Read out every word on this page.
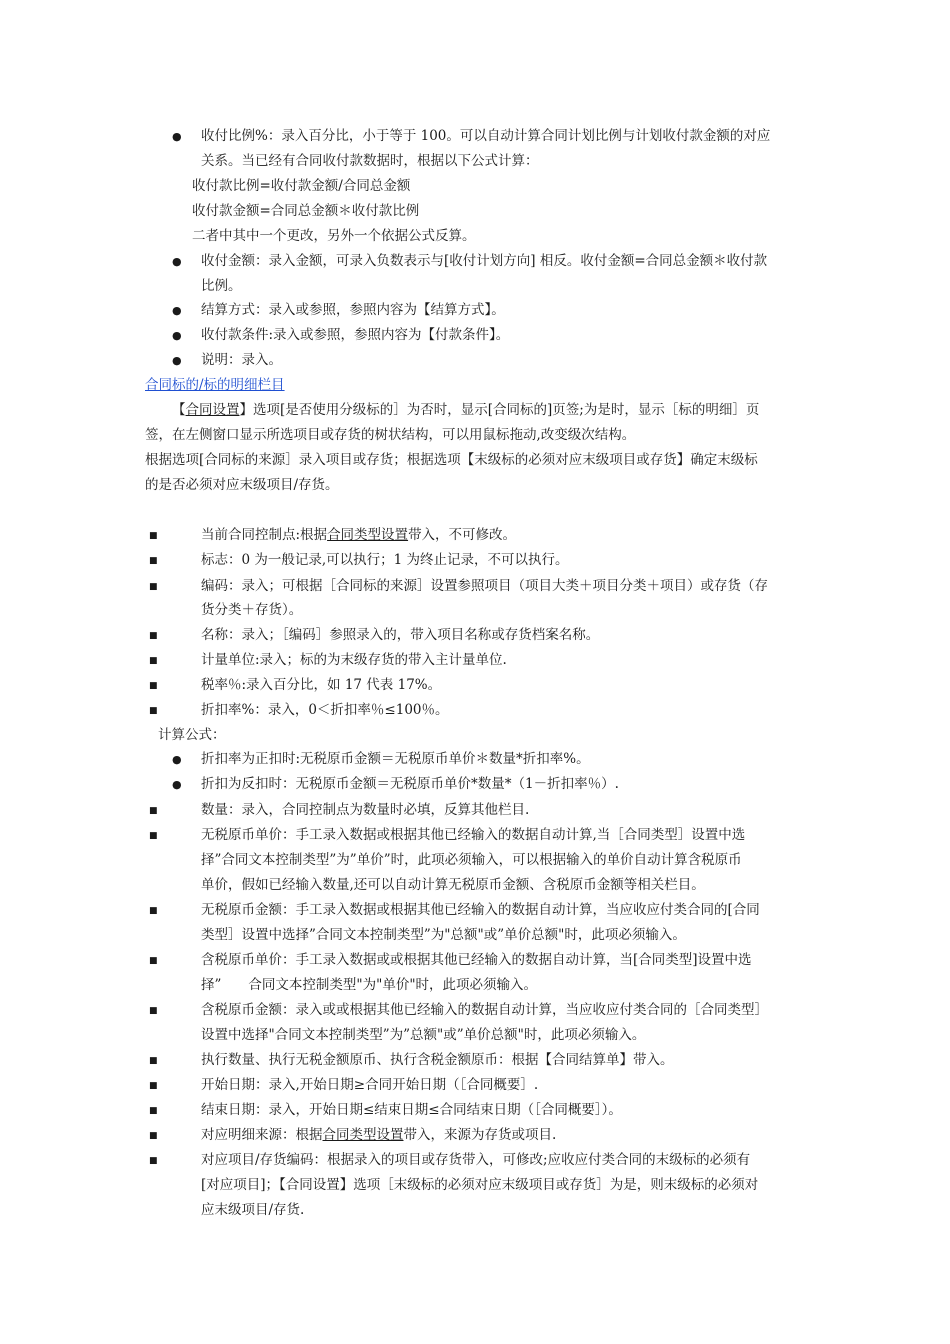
● 收付比例%：录入百分比，小于等于 100。可以自动计算合同计划比例与计划收付款金额的对应
关系。当已经有合同收付款数据时，根据以下公式计算：
收付款比例=收付款金额/合同总金额
收付款金额=合同总金额＊收付款比例
二者中其中一个更改，另外一个依据公式反算。
● 收付金额：录入金额，可录入负数表示与[收付计划方向] 相反。收付金额=合同总金额＊收付款
比例。
● 结算方式：录入或参照，参照内容为【结算方式】。
● 收付款条件:录入或参照，参照内容为【付款条件】。
● 说明：录入。
合同标的/标的明细栏目
【合同设置】选项[是否使用分级标的］为否时，显示[合同标的]页签;为是时，显示［标的明细］页
签，在左侧窗口显示所选项目或存货的树状结构，可以用鼠标拖动,改变级次结构。
根据选项[合同标的来源］录入项目或存货；根据选项【末级标的必须对应末级项目或存货】确定末级标
的是否必须对应末级项目/存货。
■	当前合同控制点:根据合同类型设置带入，不可修改。
■	标志：0 为一般记录,可以执行；1 为终止记录，不可以执行。
■	编码：录入；可根据［合同标的来源］设置参照项目（项目大类＋项目分类＋项目）或存货（存
货分类＋存货）。
■	名称：录入；［编码］参照录入的，带入项目名称或存货档案名称。
■	计量单位:录入；标的为末级存货的带入主计量单位.
■	税率％:录入百分比，如 17 代表 17%。
■	折扣率%：录入，0＜折扣率％≤100％。
计算公式：
● 折扣率为正扣时:无税原币金额＝无税原币单价＊数量*折扣率%。
● 折扣为反扣时：无税原币金额＝无税原币单价*数量*（1－折扣率％）.
■	数量：录入，合同控制点为数量时必填，反算其他栏目.
■	无税原币单价：手工录入数据或根据其他已经输入的数据自动计算,当［合同类型］设置中选
择”合同文本控制类型”为”单价”时，此项必须输入，可以根据输入的单价自动计算含税原币
单价，假如已经输入数量,还可以自动计算无税原币金额、含税原币金额等相关栏目。
■	无税原币金额：手工录入数据或根据其他已经输入的数据自动计算，当应收应付类合同的[合同
类型］设置中选择”合同文本控制类型”为"总额"或”单价总额"时，此项必须输入。
■	含税原币单价：手工录入数据或或根据其他已经输入的数据自动计算，当[合同类型]设置中选
择”　　合同文本控制类型"为"单价"时，此项必须输入。
■	含税原币金额：录入或或根据其他已经输入的数据自动计算，当应收应付类合同的［合同类型］
设置中选择"合同文本控制类型”为”总额"或”单价总额"时，此项必须输入。
■	执行数量、执行无税金额原币、执行含税金额原币：根据【合同结算单】带入。
■	开始日期：录入,开始日期≥合同开始日期（［合同概要］.
■	结束日期：录入，开始日期≤结束日期≤合同结束日期（［合同概要］）。
■	对应明细来源：根据合同类型设置带入，来源为存货或项目.
■	对应项目/存货编码：根据录入的项目或存货带入，可修改;应收应付类合同的末级标的必须有
[对应项目]；【合同设置】选项［末级标的必须对应末级项目或存货］为是，则末级标的必须对
应末级项目/存货.
